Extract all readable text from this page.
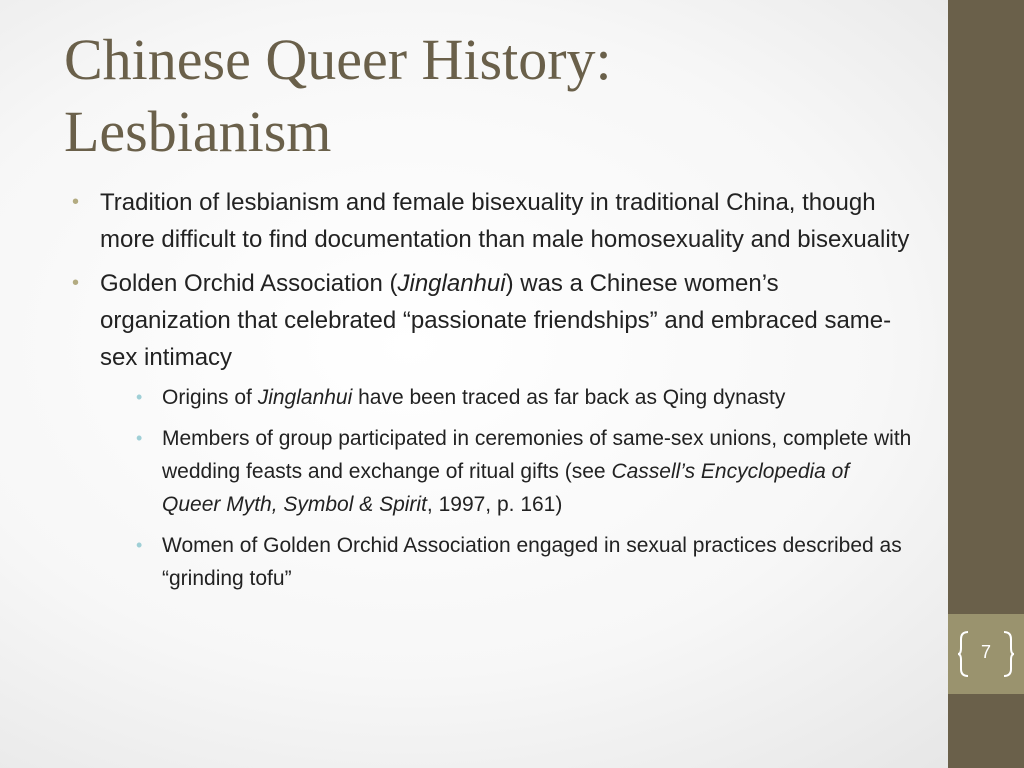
7
Chinese Queer History:
Lesbianism
• Tradition of lesbianism and female bisexuality in traditional China, though more difficult to find documentation than male homosexuality and bisexuality
• Golden Orchid Association (Jinglanhui) was a Chinese women’s organization that celebrated “passionate friendships” and embraced same-sex intimacy
• Origins of Jinglanhui have been traced as far back as Qing dynasty
• Members of group participated in ceremonies of same-sex unions, complete with wedding feasts and exchange of ritual gifts (see Cassell’s Encyclopedia of Queer Myth, Symbol & Spirit, 1997, p. 161)
• Women of Golden Orchid Association engaged in sexual practices described as “grinding tofu”
